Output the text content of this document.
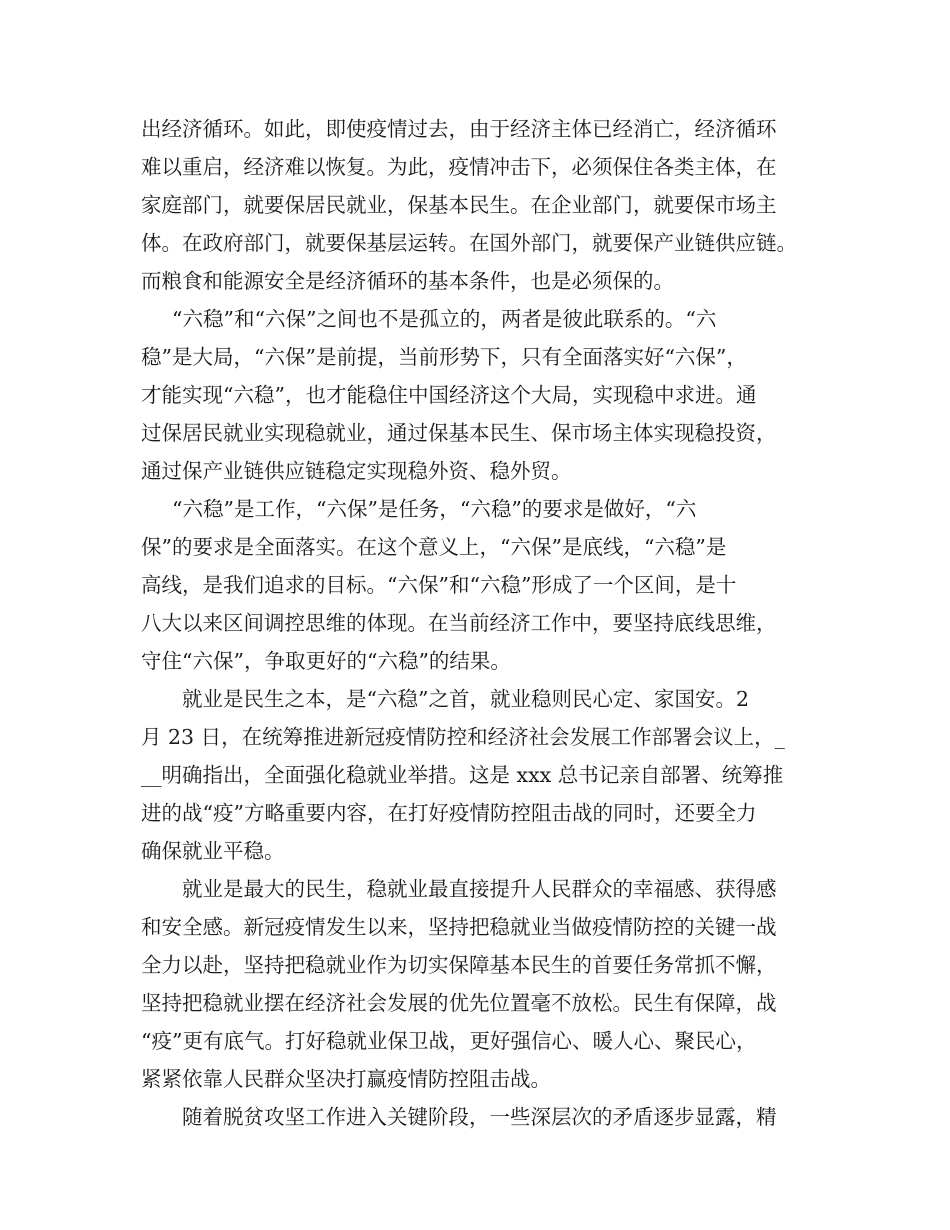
出经济循环。如此，即使疫情过去，由于经济主体已经消亡，经济循环

难以重启，经济难以恢复。为此，疫情冲击下，必须保住各类主体，在

家庭部门，就要保居民就业，保基本民生。在企业部门，就要保市场主

体。在政府部门，就要保基层运转。在国外部门，就要保产业链供应链。

而粮食和能源安全是经济循环的基本条件，也是必须保的。

“六稳”和“六保”之间也不是孤立的，两者是彼此联系的。“六

稳”是大局，“六保”是前提，当前形势下，只有全面落实好“六保”，

才能实现“六稳”，也才能稳住中国经济这个大局，实现稳中求进。通

过保居民就业实现稳就业，通过保基本民生、保市场主体实现稳投资，

通过保产业链供应链稳定实现稳外资、稳外贸。

“六稳”是工作，“六保”是任务，“六稳”的要求是做好，“六

保”的要求是全面落实。在这个意义上，“六保”是底线，“六稳”是

高线，是我们追求的目标。“六保”和“六稳”形成了一个区间，是十

八大以来区间调控思维的体现。在当前经济工作中，要坚持底线思维，

守住“六保”，争取更好的“六稳”的结果。

就业是民生之本，是“六稳”之首，就业稳则民心定、家国安。2

月 23 日，在统筹推进新冠疫情防控和经济社会发展工作部署会议上，_

__明确指出，全面强化稳就业举措。这是 xxx 总书记亲自部署、统筹推

进的战“疫”方略重要内容，在打好疫情防控阻击战的同时，还要全力

确保就业平稳。

就业是最大的民生，稳就业最直接提升人民群众的幸福感、获得感

和安全感。新冠疫情发生以来，坚持把稳就业当做疫情防控的关键一战

全力以赴，坚持把稳就业作为切实保障基本民生的首要任务常抓不懈，

坚持把稳就业摆在经济社会发展的优先位置毫不放松。民生有保障，战

“疫”更有底气。打好稳就业保卫战，更好强信心、暖人心、聚民心，

紧紧依靠人民群众坚决打赢疫情防控阻击战。

随着脱贫攻坚工作进入关键阶段，一些深层次的矛盾逐步显露，精
